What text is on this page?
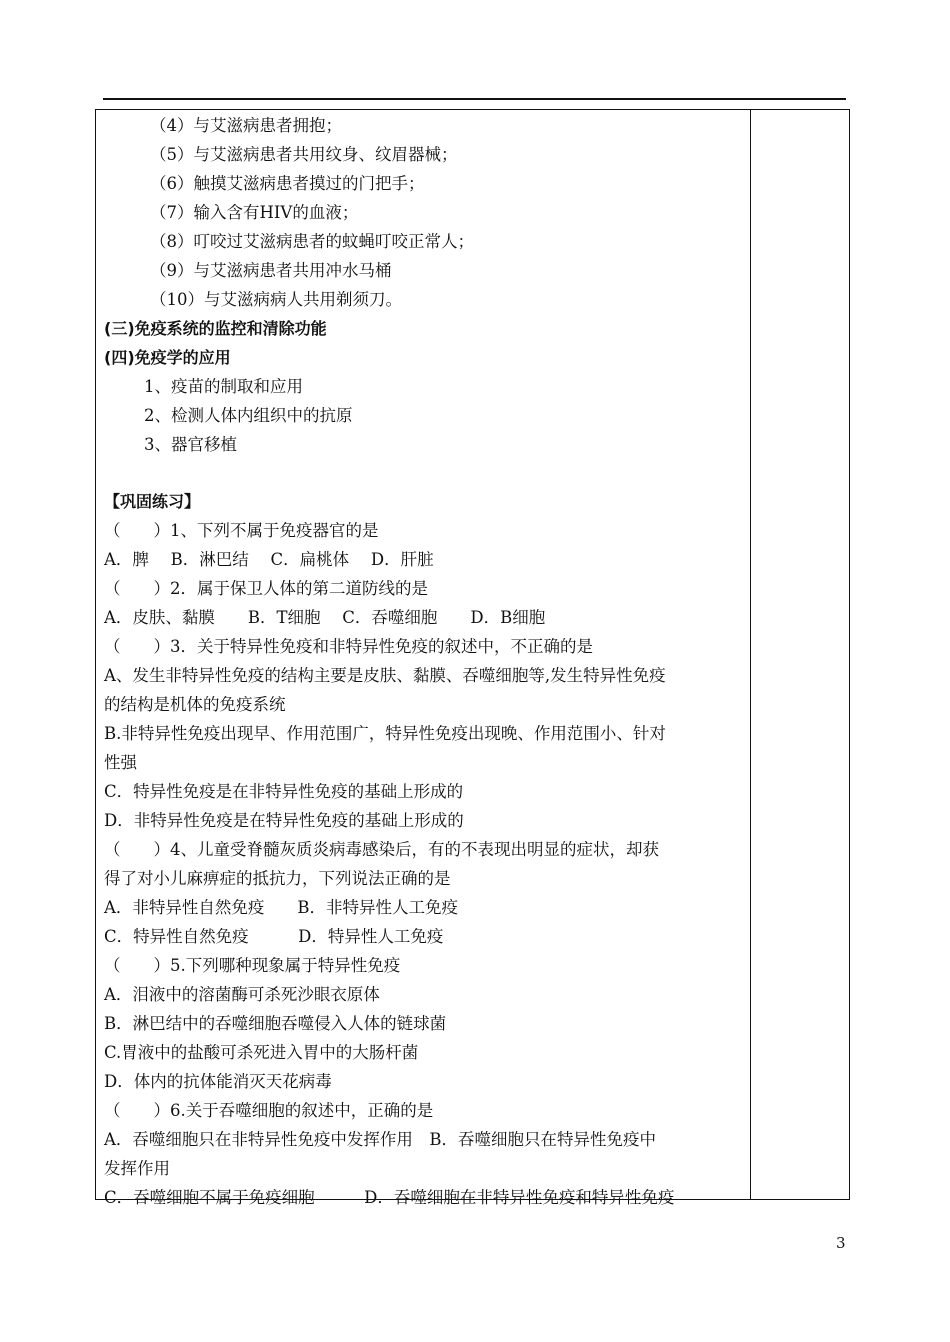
（4）与艾滋病患者拥抱；
（5）与艾滋病患者共用纹身、纹眉器械；
（6）触摸艾滋病患者摸过的门把手；
（7）输入含有HIV的血液；
（8）叮咬过艾滋病患者的蚊蝇叮咬正常人；
（9）与艾滋病患者共用冲水马桶
（10）与艾滋病病人共用剃须刀。
(三)免疫系统的监控和清除功能
(四)免疫学的应用
1、疫苗的制取和应用
2、检测人体内组织中的抗原
3、器官移植
【巩固练习】
（　　）1、下列不属于免疫器官的是
A．脾　 B．淋巴结　 C．扁桃体　 D．肝脏
（　　）2．属于保卫人体的第二道防线的是
A．皮肤、黏膜　　B．T细胞　 C．吞噬细胞　　D．B细胞
（　　）3．关于特异性免疫和非特异性免疫的叙述中，不正确的是
A、发生非特异性免疫的结构主要是皮肤、黏膜、吞噬细胞等,发生特异性免疫
的结构是机体的免疫系统
B.非特异性免疫出现早、作用范围广，特异性免疫出现晚、作用范围小、针对
性强
C．特异性免疫是在非特异性免疫的基础上形成的
D．非特异性免疫是在特异性免疫的基础上形成的
（　　）4、儿童受脊髓灰质炎病毒感染后，有的不表现出明显的症状，却获
得了对小儿麻痹症的抵抗力，下列说法正确的是
A．非特异性自然免疫　　B．非特异性人工免疫
C．特异性自然免疫　　　D．特异性人工免疫
（　　）5.下列哪种现象属于特异性免疫
A．泪液中的溶菌酶可杀死沙眼衣原体
B．淋巴结中的吞噬细胞吞噬侵入人体的链球菌
C.胃液中的盐酸可杀死进入胃中的大肠杆菌
D．体内的抗体能消灭天花病毒
（　　）6.关于吞噬细胞的叙述中，正确的是
A．吞噬细胞只在非特异性免疫中发挥作用　B．吞噬细胞只在特异性免疫中
发挥作用
C．吞噬细胞不属于免疫细胞　　　D．吞噬细胞在非特异性免疫和特异性免疫
3
